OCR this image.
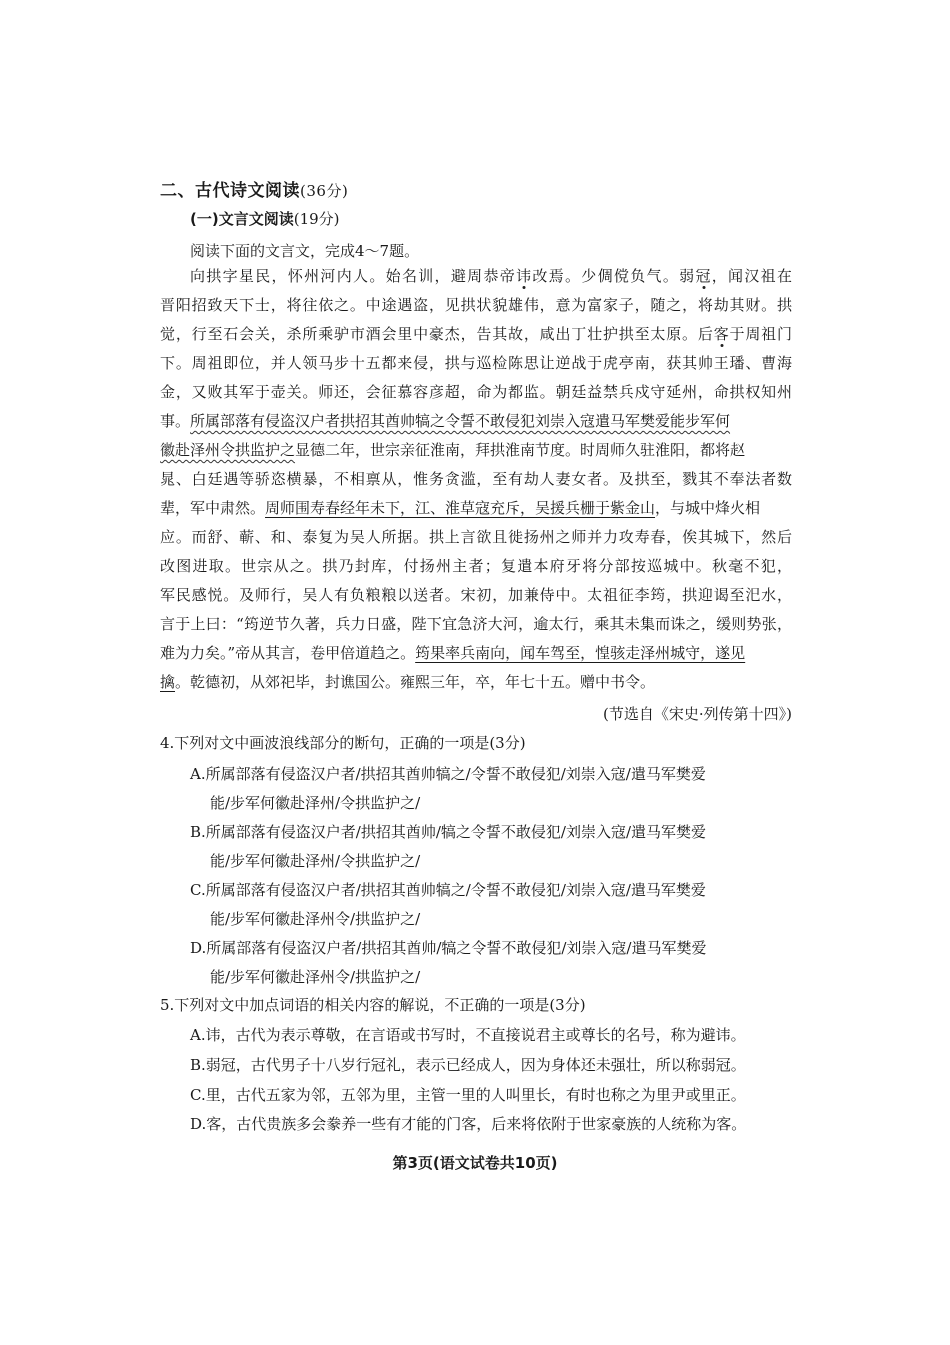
二、古代诗文阅读(36分)
(一)文言文阅读(19分)
阅读下面的文言文，完成4～7题。
向拱字星民，怀州河内人。始名训，避周恭帝讳改焉。少倜傥负气。弱冠，闻汉祖在
晋阳招致天下士，将往依之。中途遇盗，见拱状貌雄伟，意为富家子，随之，将劫其财。拱
觉，行至石会关，杀所乘驴市酒会里中豪杰，告其故，咸出丁壮护拱至太原。后客于周祖门
下。周祖即位，并人领马步十五都来侵，拱与巡检陈思让逆战于虎亭南，获其帅王璠、曹海
金，又败其军于壶关。师还，会征慕容彦超，命为都监。朝廷益禁兵戍守延州，命拱权知州
事。所属部落有侵盗汉户者拱招其酋帅犒之令誓不敢侵犯刘崇入寇遣马军樊爱能步军何
徽赴泽州令拱监护之显德二年，世宗亲征淮南，拜拱淮南节度。时周师久驻淮阳，都将赵
晁、白廷遇等骄恣横暴，不相禀从，惟务贪滥，至有劫人妻女者。及拱至，戮其不奉法者数
辈，军中肃然。周师围寿春经年未下，江、淮草寇充斥，吴援兵栅于紫金山，与城中烽火相
应。而舒、蕲、和、泰复为吴人所据。拱上言欲且徙扬州之师并力攻寿春，俟其城下，然后
改图进取。世宗从之。拱乃封库，付扬州主者；复遣本府牙将分部按巡城中。秋毫不犯，
军民感悦。及师行，吴人有负粮粮以送者。宋初，加兼侍中。太祖征李筠，拱迎谒至汜水，
言于上曰：“筠逆节久著，兵力日盛，陛下宜急济大河，逾太行，乘其未集而诛之，缓则势张，
难为力矣。”帝从其言，卷甲倍道趋之。筠果率兵南向，闻车驾至，惶骇走泽州城守，遂见
擒。乾德初，从郊祀毕，封谯国公。雍熙三年，卒，年七十五。赠中书令。
(节选自《宋史·列传第十四》)
4.下列对文中画波浪线部分的断句，正确的一项是(3分)
A.所属部落有侵盗汉户者/拱招其酋帅犒之/令誓不敢侵犯/刘崇入寇/遣马军樊爱
能/步军何徽赴泽州/令拱监护之/
B.所属部落有侵盗汉户者/拱招其酋帅/犒之令誓不敢侵犯/刘崇入寇/遣马军樊爱
能/步军何徽赴泽州/令拱监护之/
C.所属部落有侵盗汉户者/拱招其酋帅犒之/令誓不敢侵犯/刘崇入寇/遣马军樊爱
能/步军何徽赴泽州令/拱监护之/
D.所属部落有侵盗汉户者/拱招其酋帅/犒之令誓不敢侵犯/刘崇入寇/遣马军樊爱
能/步军何徽赴泽州令/拱监护之/
5.下列对文中加点词语的相关内容的解说，不正确的一项是(3分)
A.讳，古代为表示尊敬，在言语或书写时，不直接说君主或尊长的名号，称为避讳。
B.弱冠，古代男子十八岁行冠礼，表示已经成人，因为身体还未强壮，所以称弱冠。
C.里，古代五家为邻，五邻为里，主管一里的人叫里长，有时也称之为里尹或里正。
D.客，古代贵族多会豢养一些有才能的门客，后来将依附于世家豪族的人统称为客。
第3页(语文试卷共10页)
